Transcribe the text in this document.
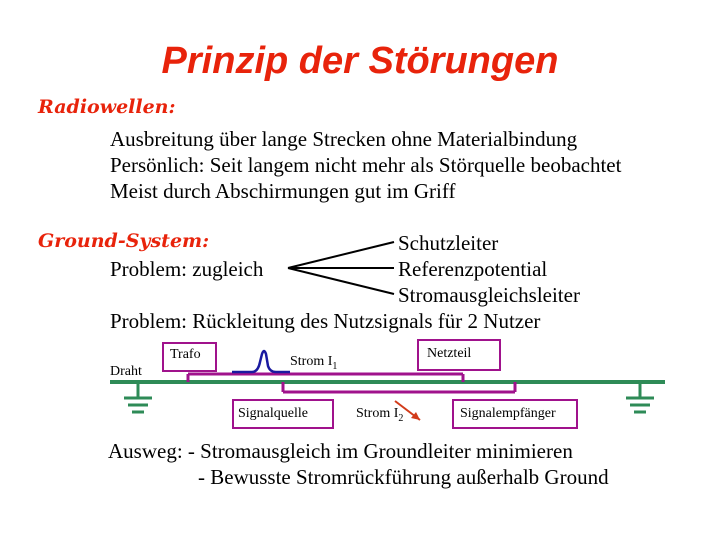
Prinzip der Störungen
Radiowellen:
Ausbreitung über lange Strecken ohne Materialbindung
Persönlich: Seit langem nicht mehr als Störquelle beobachtet
Meist durch Abschirmungen gut im Griff
Ground-System:
Problem: zugleich
Schutzleiter
Referenzpotential
Stromausgleichsleiter
Problem: Rückleitung des Nutzsignals für 2 Nutzer
Draht
Trafo	Netzteil
Signalquelle	Signalempfänger
Strom $I_1$
Strom $I_2$
Ausweg: - Stromausgleich im Groundleiter minimieren
- Bewusste Stromrückführung außerhalb Ground
